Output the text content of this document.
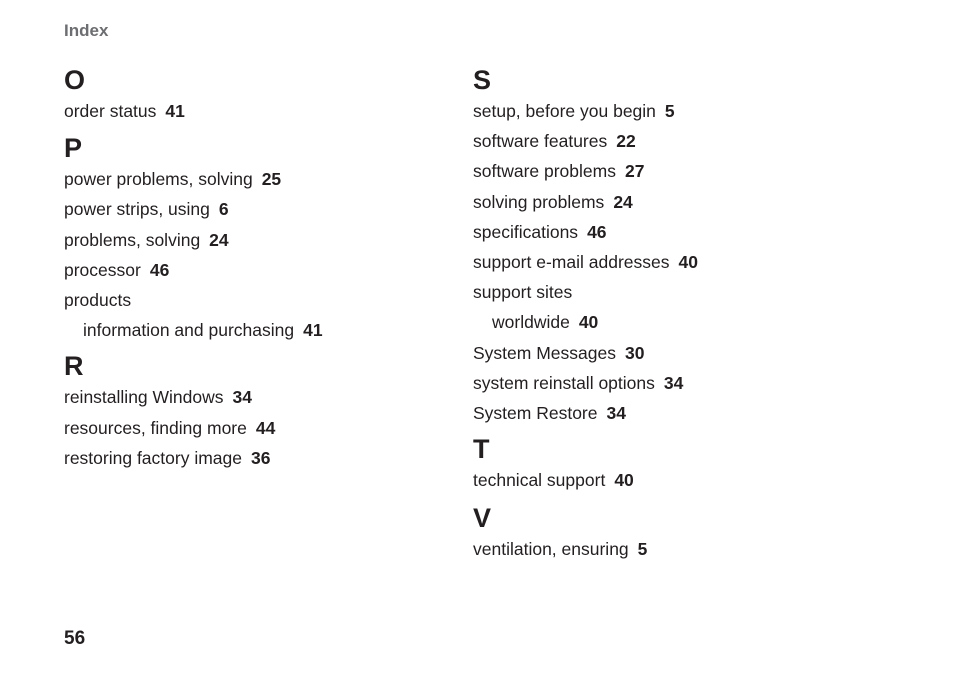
Index
O
order status 41
P
power problems, solving 25
power strips, using 6
problems, solving 24
processor 46
products
information and purchasing 41
R
reinstalling Windows 34
resources, finding more 44
restoring factory image 36
S
setup, before you begin 5
software features 22
software problems 27
solving problems 24
specifications 46
support e-mail addresses 40
support sites
worldwide 40
System Messages 30
system reinstall options 34
System Restore 34
T
technical support 40
V
ventilation, ensuring 5
56
